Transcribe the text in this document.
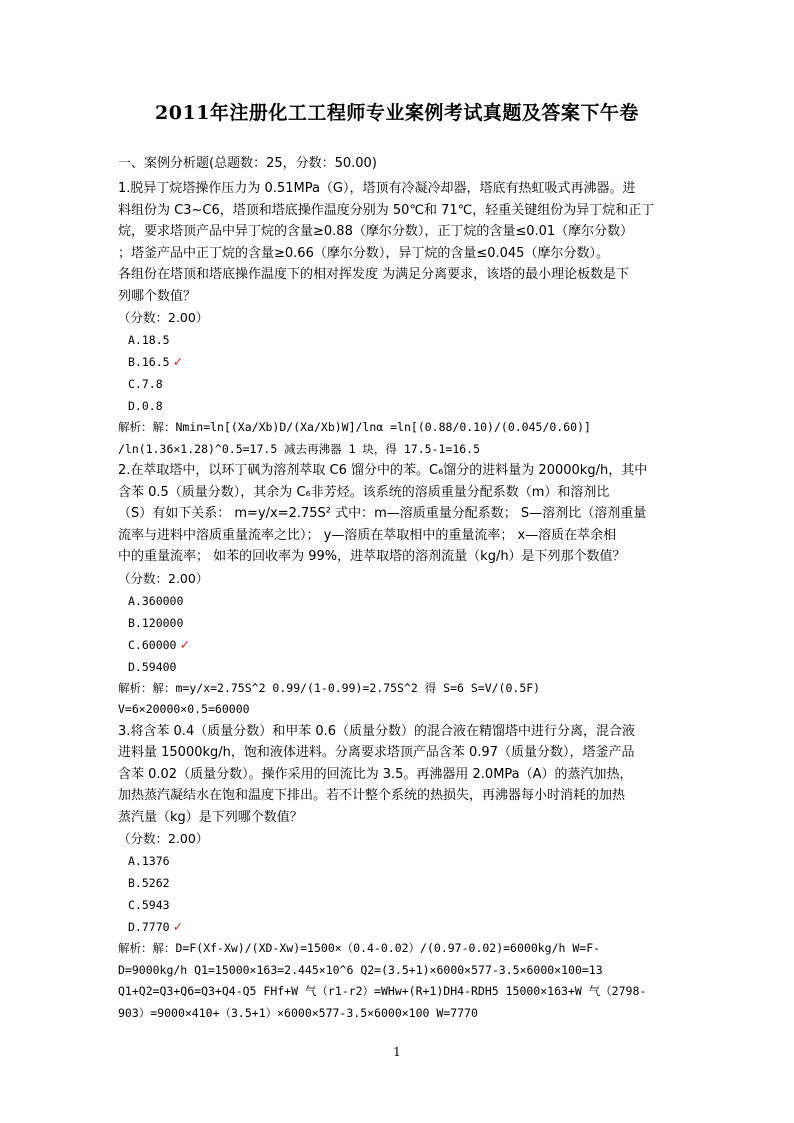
2011年注册化工工程师专业案例考试真题及答案下午卷
一、案例分析题(总题数：25，分数：50.00)
1.脱异丁烷塔操作压力为 0.51MPa（G），塔顶有冷凝冷却器，塔底有热虹吸式再沸器。进
料组份为 C3~C6，塔顶和塔底操作温度分别为 50℃和 71℃，轻重关键组份为异丁烷和正丁
烷，要求塔顶产品中异丁烷的含量≥0.88（摩尔分数），正丁烷的含量≤0.01（摩尔分数）
；塔釜产品中正丁烷的含量≥0.66（摩尔分数），异丁烷的含量≤0.045（摩尔分数）。
各组份在塔顶和塔底操作温度下的相对挥发度 为满足分离要求，该塔的最小理论板数是下
列哪个数值？
（分数：2.00）
A.18.5
B.16.5 ✓
C.7.8
D.0.8
解析：解：Nmin=ln[(Xa/Xb)D/(Xa/Xb)W]/lnα =ln[(0.88/0.10)/(0.045/0.60)]
/ln(1.36×1.28)^0.5=17.5 减去再沸器 1 块，得 17.5-1=16.5
2.在萃取塔中，以环丁砜为溶剂萃取 C6 馏分中的苯。C₆馏分的进料量为 20000kg/h，其中
含苯 0.5（质量分数），其余为 C₆非芳烃。该系统的溶质重量分配系数（m）和溶剂比
（S）有如下关系： m=y/x=2.75S² 式中：m—溶质重量分配系数； S—溶剂比（溶剂重量
流率与进料中溶质重量流率之比）； y—溶质在萃取相中的重量流率； x—溶质在萃余相
中的重量流率； 如苯的回收率为 99%，进萃取塔的溶剂流量（kg/h）是下列那个数值？
（分数：2.00）
A.360000
B.120000
C.60000 ✓
D.59400
解析：解：m=y/x=2.75S^2 0.99/(1-0.99)=2.75S^2 得 S=6 S=V/(0.5F)
V=6×20000×0.5=60000
3.将含苯 0.4（质量分数）和甲苯 0.6（质量分数）的混合液在精馏塔中进行分离，混合液
进料量 15000kg/h，饱和液体进料。分离要求塔顶产品含苯 0.97（质量分数），塔釜产品
含苯 0.02（质量分数）。操作采用的回流比为 3.5。再沸器用 2.0MPa（A）的蒸汽加热，
加热蒸汽凝结水在饱和温度下排出。若不计整个系统的热损失，再沸器每小时消耗的加热
蒸汽量（kg）是下列哪个数值？
（分数：2.00）
A.1376
B.5262
C.5943
D.7770 ✓
解析：解：D=F(Xf-Xw)/(XD-Xw)=1500×（0.4-0.02）/(0.97-0.02)=6000kg/h W=F-
D=9000kg/h Q1=15000×163=2.445×10^6 Q2=(3.5+1)×6000×577-3.5×6000×100=13
Q1+Q2=Q3+Q6=Q3+Q4-Q5 FHf+W 气（r1-r2）=WHw+(R+1)DH4-RDH5 15000×163+W 气（2798-
903）=9000×410+（3.5+1）×6000×577-3.5×6000×100 W=7770
1
